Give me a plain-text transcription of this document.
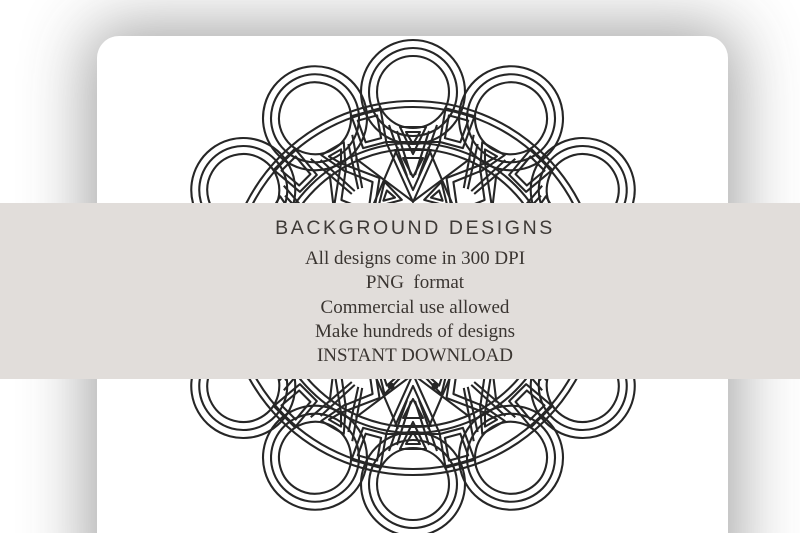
BACKGROUND DESIGNS
All designs come in 300 DPI
PNG  format
Commercial use allowed
Make hundreds of designs
INSTANT DOWNLOAD
